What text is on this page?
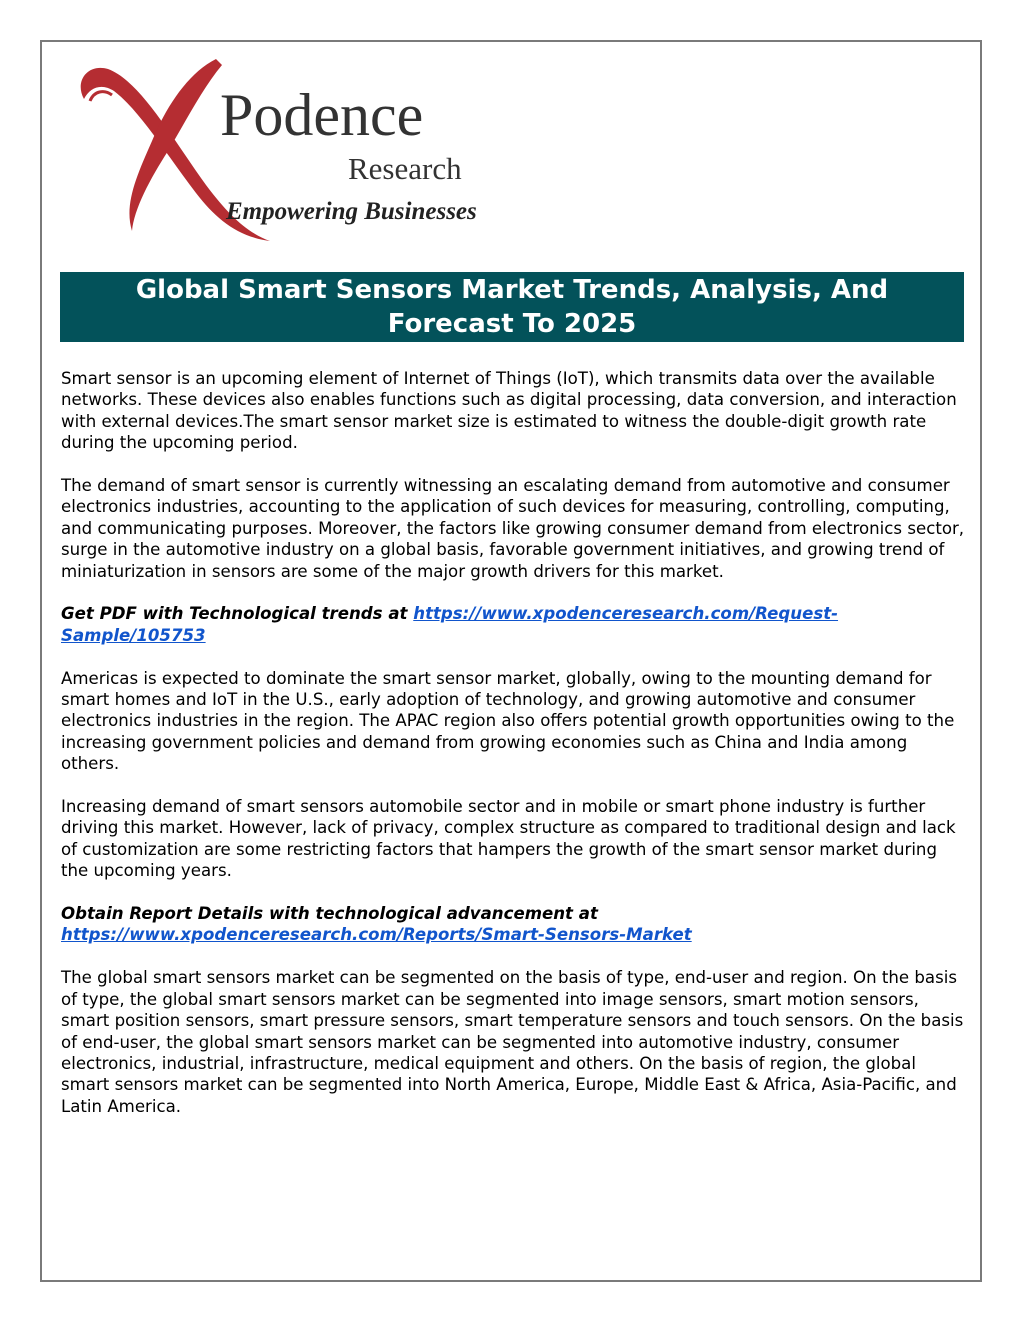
Podence
Research
Empowering Businesses
Global Smart Sensors Market Trends, Analysis, And Forecast To 2025

Smart sensor is an upcoming element of Internet of Things (IoT), which transmits data over the available networks. These devices also enables functions such as digital processing, data conversion, and interaction with external devices.The smart sensor market size is estimated to witness the double-digit growth rate during the upcoming period.

The demand of smart sensor is currently witnessing an escalating demand from automotive and consumer electronics industries, accounting to the application of such devices for measuring, controlling, computing, and communicating purposes. Moreover, the factors like growing consumer demand from electronics sector, surge in the automotive industry on a global basis, favorable government initiatives, and growing trend of miniaturization in sensors are some of the major growth drivers for this market.

Get PDF with Technological trends at https://www.xpodenceresearch.com/Request-Sample/105753

Americas is expected to dominate the smart sensor market, globally, owing to the mounting demand for smart homes and IoT in the U.S., early adoption of technology, and growing automotive and consumer electronics industries in the region. The APAC region also offers potential growth opportunities owing to the increasing government policies and demand from growing economies such as China and India among others.

Increasing demand of smart sensors automobile sector and in mobile or smart phone industry is further driving this market. However, lack of privacy, complex structure as compared to traditional design and lack of customization are some restricting factors that hampers the growth of the smart sensor market during the upcoming years.

Obtain Report Details with technological advancement at https://www.xpodenceresearch.com/Reports/Smart-Sensors-Market

The global smart sensors market can be segmented on the basis of type, end-user and region. On the basis of type, the global smart sensors market can be segmented into image sensors, smart motion sensors, smart position sensors, smart pressure sensors, smart temperature sensors and touch sensors. On the basis of end-user, the global smart sensors market can be segmented into automotive industry, consumer electronics, industrial, infrastructure, medical equipment and others. On the basis of region, the global smart sensors market can be segmented into North America, Europe, Middle East & Africa, Asia-Pacific, and Latin America.
